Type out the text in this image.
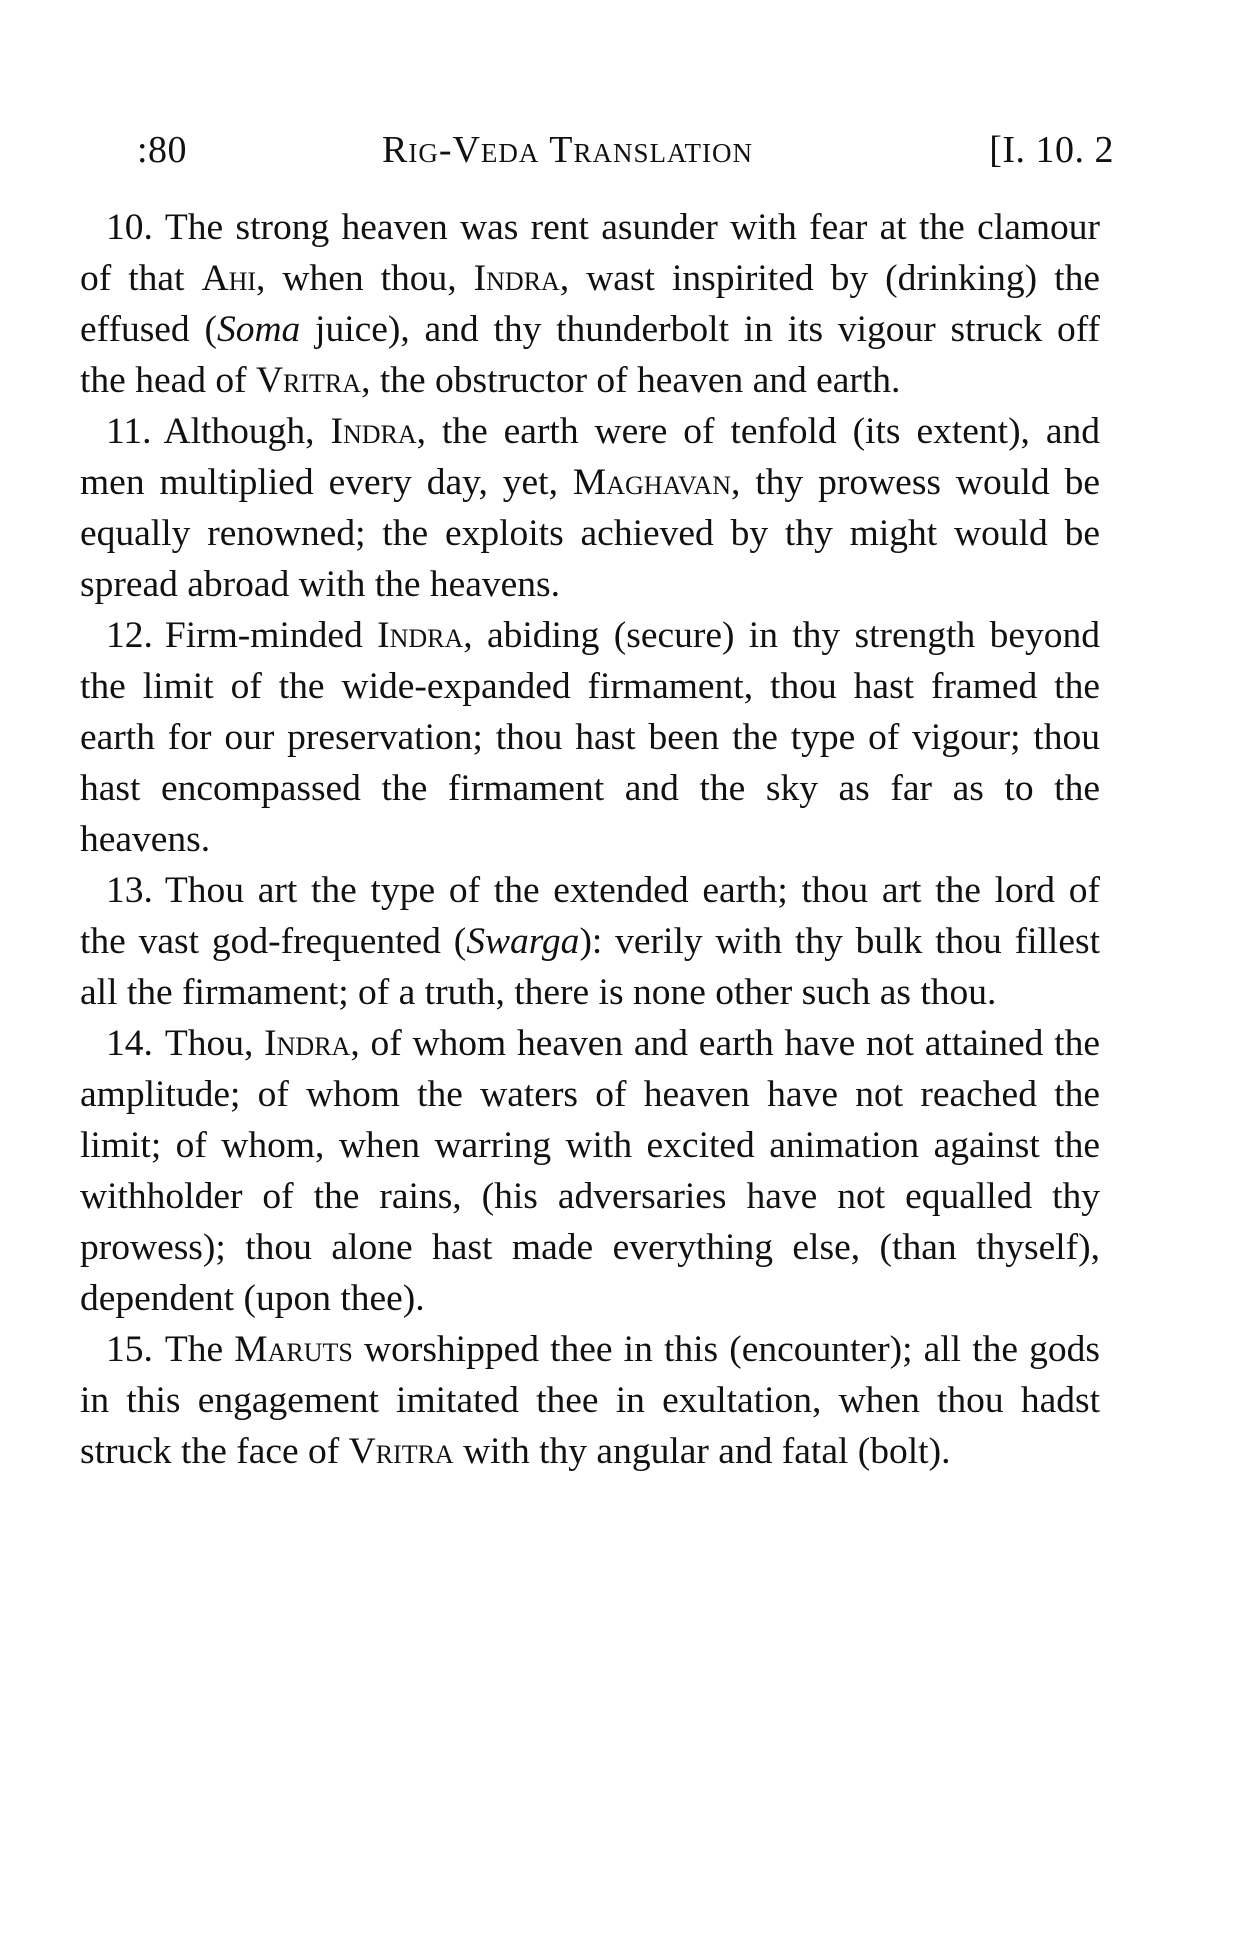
:80	Rig-Veda Translation	[I. 10. 2

10. The strong heaven was rent asunder with fear at the clamour of that Ahi, when thou, Indra, wast inspirited by (drinking) the effused (Soma juice), and thy thunderbolt in its vigour struck off the head of Vritra, the obstructor of heaven and earth.

11. Although, Indra, the earth were of tenfold (its extent), and men multiplied every day, yet, Maghavan, thy prowess would be equally renowned; the exploits achieved by thy might would be spread abroad with the heavens.

12. Firm-minded Indra, abiding (secure) in thy strength beyond the limit of the wide-expanded firmament, thou hast framed the earth for our preservation; thou hast been the type of vigour; thou hast encompassed the firmament and the sky as far as to the heavens.

13. Thou art the type of the extended earth; thou art the lord of the vast god-frequented (Swarga): verily with thy bulk thou fillest all the firmament; of a truth, there is none other such as thou.

14. Thou, Indra, of whom heaven and earth have not attained the amplitude; of whom the waters of heaven have not reached the limit; of whom, when warring with excited animation against the withholder of the rains, (his adversaries have not equalled thy prowess); thou alone hast made everything else, (than thyself), dependent (upon thee).

15. The Maruts worshipped thee in this (encounter); all the gods in this engagement imitated thee in exultation, when thou hadst struck the face of Vritra with thy angular and fatal (bolt).
